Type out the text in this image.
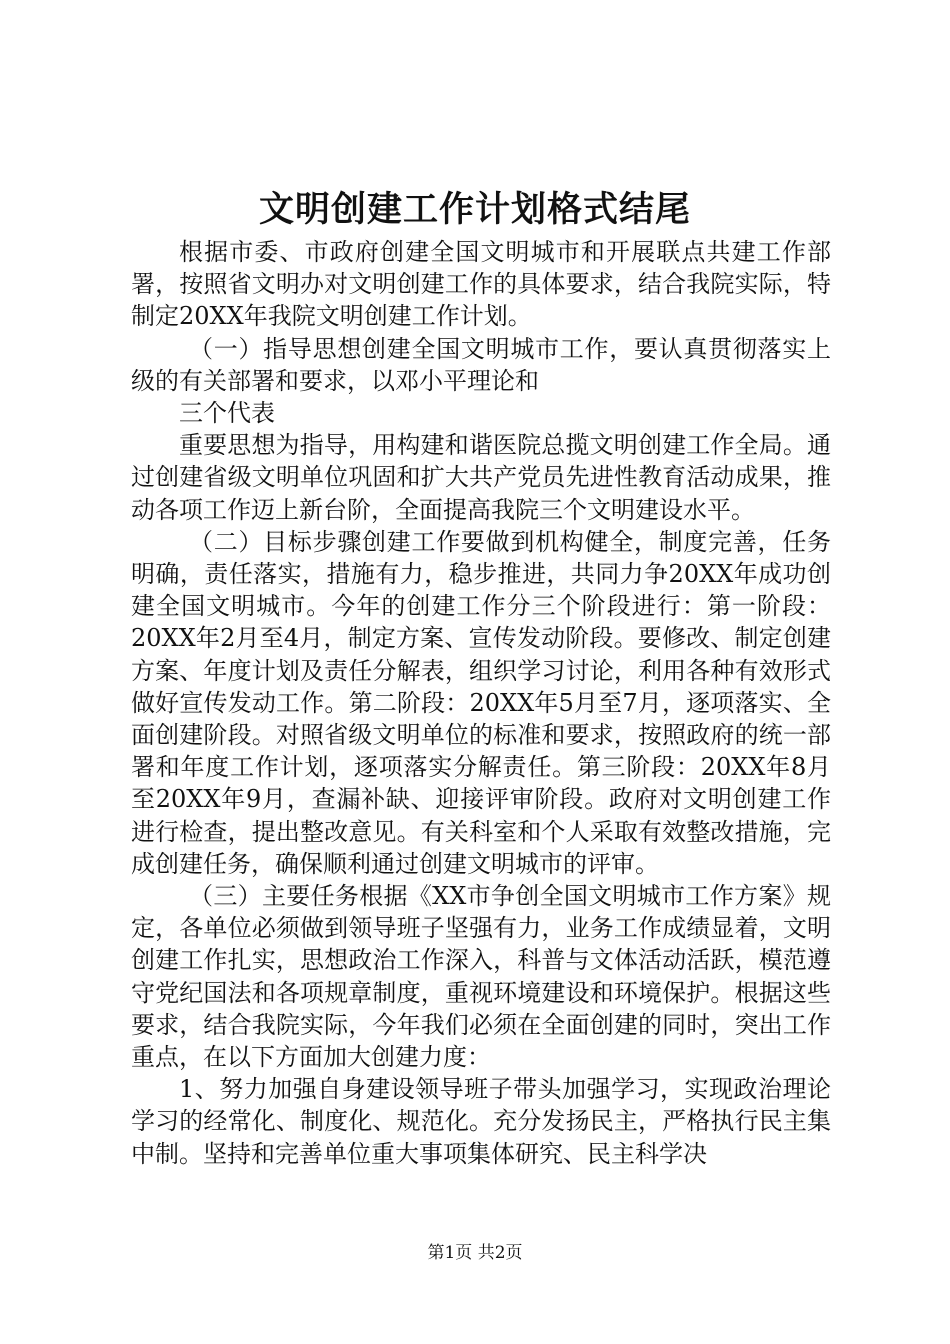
文明创建工作计划格式结尾

根据市委、市政府创建全国文明城市和开展联点共建工作部署，按照省文明办对文明创建工作的具体要求，结合我院实际，特制定20XX年我院文明创建工作计划。

（一）指导思想创建全国文明城市工作，要认真贯彻落实上级的有关部署和要求，以邓小平理论和

三个代表

重要思想为指导，用构建和谐医院总揽文明创建工作全局。通过创建省级文明单位巩固和扩大共产党员先进性教育活动成果，推动各项工作迈上新台阶，全面提高我院三个文明建设水平。

（二）目标步骤创建工作要做到机构健全，制度完善，任务明确，责任落实，措施有力，稳步推进，共同力争20XX年成功创建全国文明城市。今年的创建工作分三个阶段进行：第一阶段：20XX年2月至4月，制定方案、宣传发动阶段。要修改、制定创建方案、年度计划及责任分解表，组织学习讨论，利用各种有效形式做好宣传发动工作。第二阶段：20XX年5月至7月，逐项落实、全面创建阶段。对照省级文明单位的标准和要求，按照政府的统一部署和年度工作计划，逐项落实分解责任。第三阶段：20XX年8月至20XX年9月，查漏补缺、迎接评审阶段。政府对文明创建工作进行检查，提出整改意见。有关科室和个人采取有效整改措施，完成创建任务，确保顺利通过创建文明城市的评审。

（三）主要任务根据《XX市争创全国文明城市工作方案》规定，各单位必须做到领导班子坚强有力，业务工作成绩显着，文明创建工作扎实，思想政治工作深入，科普与文体活动活跃，模范遵守党纪国法和各项规章制度，重视环境建设和环境保护。根据这些要求，结合我院实际，今年我们必须在全面创建的同时，突出工作重点，在以下方面加大创建力度：

1、努力加强自身建设领导班子带头加强学习，实现政治理论学习的经常化、制度化、规范化。充分发扬民主，严格执行民主集中制。坚持和完善单位重大事项集体研究、民主科学决

第1页 共2页
